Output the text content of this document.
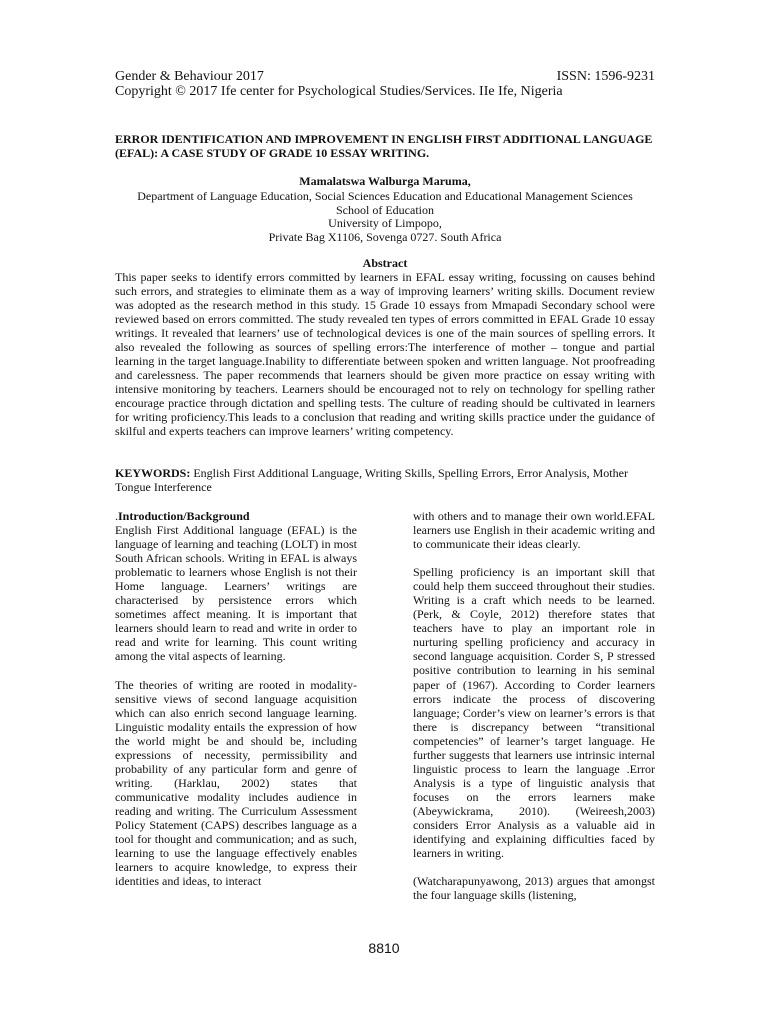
Gender & Behaviour 2017	ISSN: 1596-9231
Copyright © 2017 Ife center for Psychological Studies/Services. IIe Ife, Nigeria
ERROR IDENTIFICATION AND IMPROVEMENT IN ENGLISH FIRST ADDITIONAL LANGUAGE (EFAL): A CASE STUDY OF GRADE 10 ESSAY WRITING.
Mamalatswa Walburga Maruma,
Department of Language Education, Social Sciences Education and Educational Management Sciences
School of Education
University of Limpopo,
Private Bag X1106, Sovenga 0727. South Africa
Abstract

This paper seeks to identify errors committed by learners in EFAL essay writing, focussing on causes behind such errors, and strategies to eliminate them as a way of improving learners’ writing skills. Document review was adopted as the research method in this study. 15 Grade 10 essays from Mmapadi Secondary school were reviewed based on errors committed. The study revealed ten types of errors committed in EFAL Grade 10 essay writings. It revealed that learners’ use of technological devices is one of the main sources of spelling errors. It also revealed the following as sources of spelling errors:The interference of mother – tongue and partial learning in the target language.Inability to differentiate between spoken and written language. Not proofreading and carelessness. The paper recommends that learners should be given more practice on essay writing with intensive monitoring by teachers. Learners should be encouraged not to rely on technology for spelling rather encourage practice through dictation and spelling tests. The culture of reading should be cultivated in learners for writing proficiency.This leads to a conclusion that reading and writing skills practice under the guidance of skilful and experts teachers can improve learners’ writing competency.

KEYWORDS: English First Additional Language, Writing Skills, Spelling Errors, Error Analysis, Mother Tongue Interference

.Introduction/Background

English First Additional language (EFAL) is the language of learning and teaching (LOLT) in most South African schools. Writing in EFAL is always problematic to learners whose English is not their Home language. Learners’ writings are characterised by persistence errors which sometimes affect meaning. It is important that learners should learn to read and write in order to read and write for learning. This count writing among the vital aspects of learning.

The theories of writing are rooted in modality-sensitive views of second language acquisition which can also enrich second language learning. Linguistic modality entails the expression of how the world might be and should be, including expressions of necessity, permissibility and probability of any particular form and genre of writing. (Harklau, 2002) states that communicative modality includes audience in reading and writing. The Curriculum Assessment Policy Statement (CAPS) describes language as a tool for thought and communication; and as such, learning to use the language effectively enables learners to acquire knowledge, to express their identities and ideas, to interact

with others and to manage their own world.EFAL learners use English in their academic writing and to communicate their ideas clearly.

Spelling proficiency is an important skill that could help them succeed throughout their studies. Writing is a craft which needs to be learned. (Perk, & Coyle, 2012) therefore states that teachers have to play an important role in nurturing spelling proficiency and accuracy in second language acquisition. Corder S, P stressed positive contribution to learning in his seminal paper of (1967). According to Corder learners errors indicate the process of discovering language; Corder’s view on learner’s errors is that there is discrepancy between “transitional competencies” of learner’s target language. He further suggests that learners use intrinsic internal linguistic process to learn the language .Error Analysis is a type of linguistic analysis that focuses on the errors learners make (Abeywickrama, 2010). (Weireesh,2003) considers Error Analysis as a valuable aid in identifying and explaining difficulties faced by learners in writing.

(Watcharapunyawong, 2013) argues that amongst the four language skills (listening,

8810
